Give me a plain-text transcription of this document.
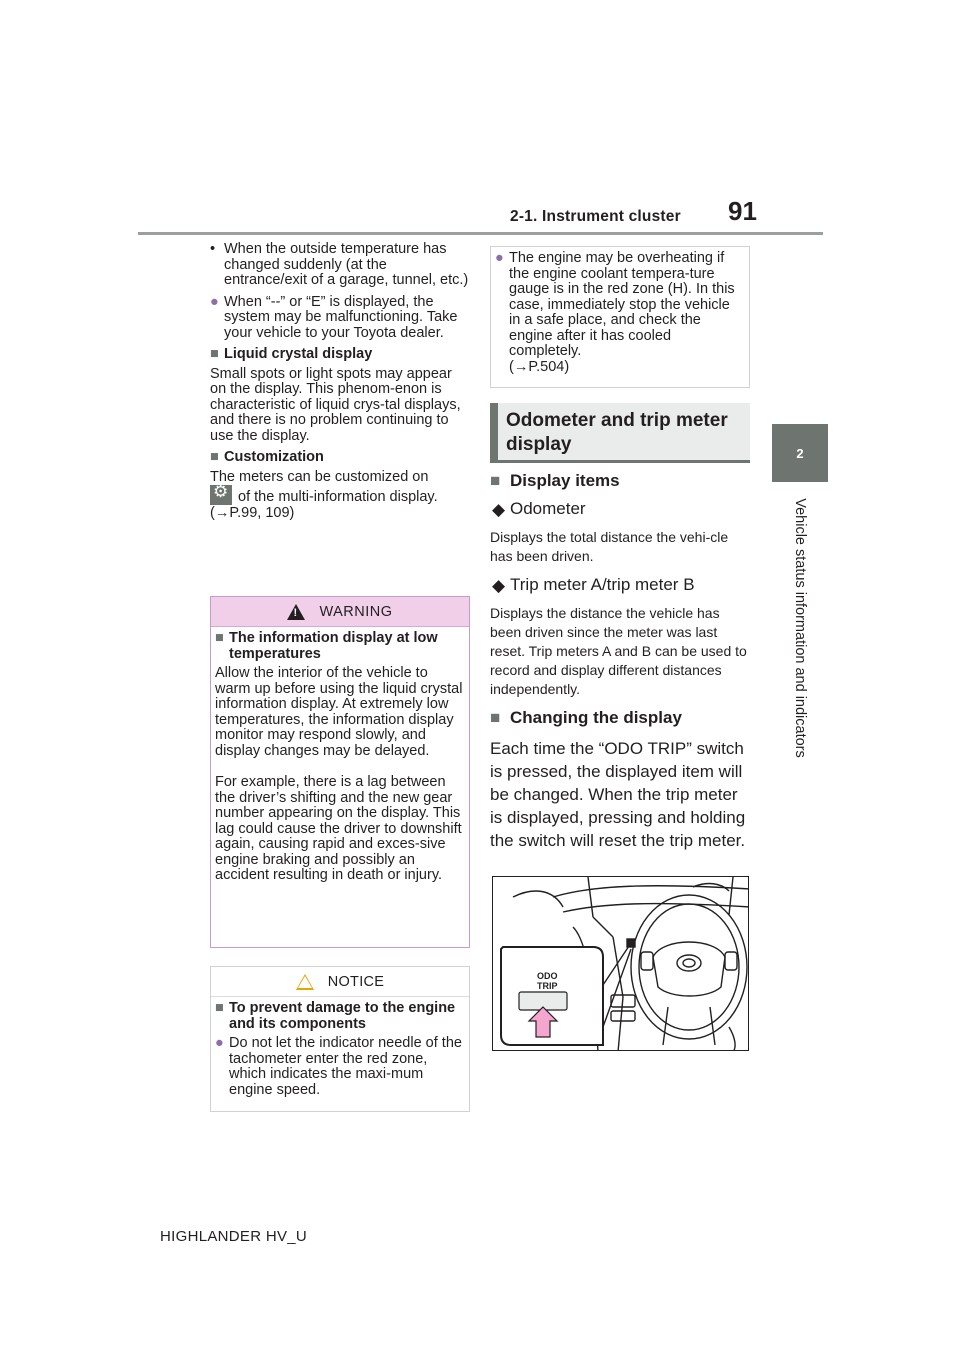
2-1. Instrument cluster 91
2
Vehicle status information and indicators
• When the outside temperature has changed suddenly (at the entrance/exit of a garage, tunnel, etc.)
● When “--” or “E” is displayed, the system may be malfunctioning. Take your vehicle to your Toyota dealer.
■ Liquid crystal display

Small spots or light spots may appear on the display. This phenom-enon is characteristic of liquid crys-tal displays, and there is no problem continuing to use the display.

■ Customization

The meters can be customized on
⚙ of the multi-information display.
(→P.99, 109)

! WARNING
■ The information display at low temperatures

Allow the interior of the vehicle to warm up before using the liquid crystal information display. At extremely low temperatures, the information display monitor may respond slowly, and display changes may be delayed.

For example, there is a lag between the driver’s shifting and the new gear number appearing on the display. This lag could cause the driver to downshift again, causing rapid and exces-sive engine braking and possibly an accident resulting in death or injury.

NOTICE
■ To prevent damage to the engine and its components
● Do not let the indicator needle of the tachometer enter the red zone, which indicates the maxi-mum engine speed.
● The engine may be overheating if the engine coolant tempera-ture gauge is in the red zone (H). In this case, immediately stop the vehicle in a safe place, and check the engine after it has cooled completely.
(→P.504)
Odometer and trip meter display
■ Display items
◆ Odometer

Displays the total distance the vehi-cle has been driven.

◆ Trip meter A/trip meter B

Displays the distance the vehicle has been driven since the meter was last reset. Trip meters A and B can be used to record and display different distances independently.

■ Changing the display

Each time the “ODO TRIP” switch is pressed, the displayed item will be changed. When the trip meter is displayed, pressing and holding the switch will reset the trip meter.

ODO
TRIP
HIGHLANDER HV_U
